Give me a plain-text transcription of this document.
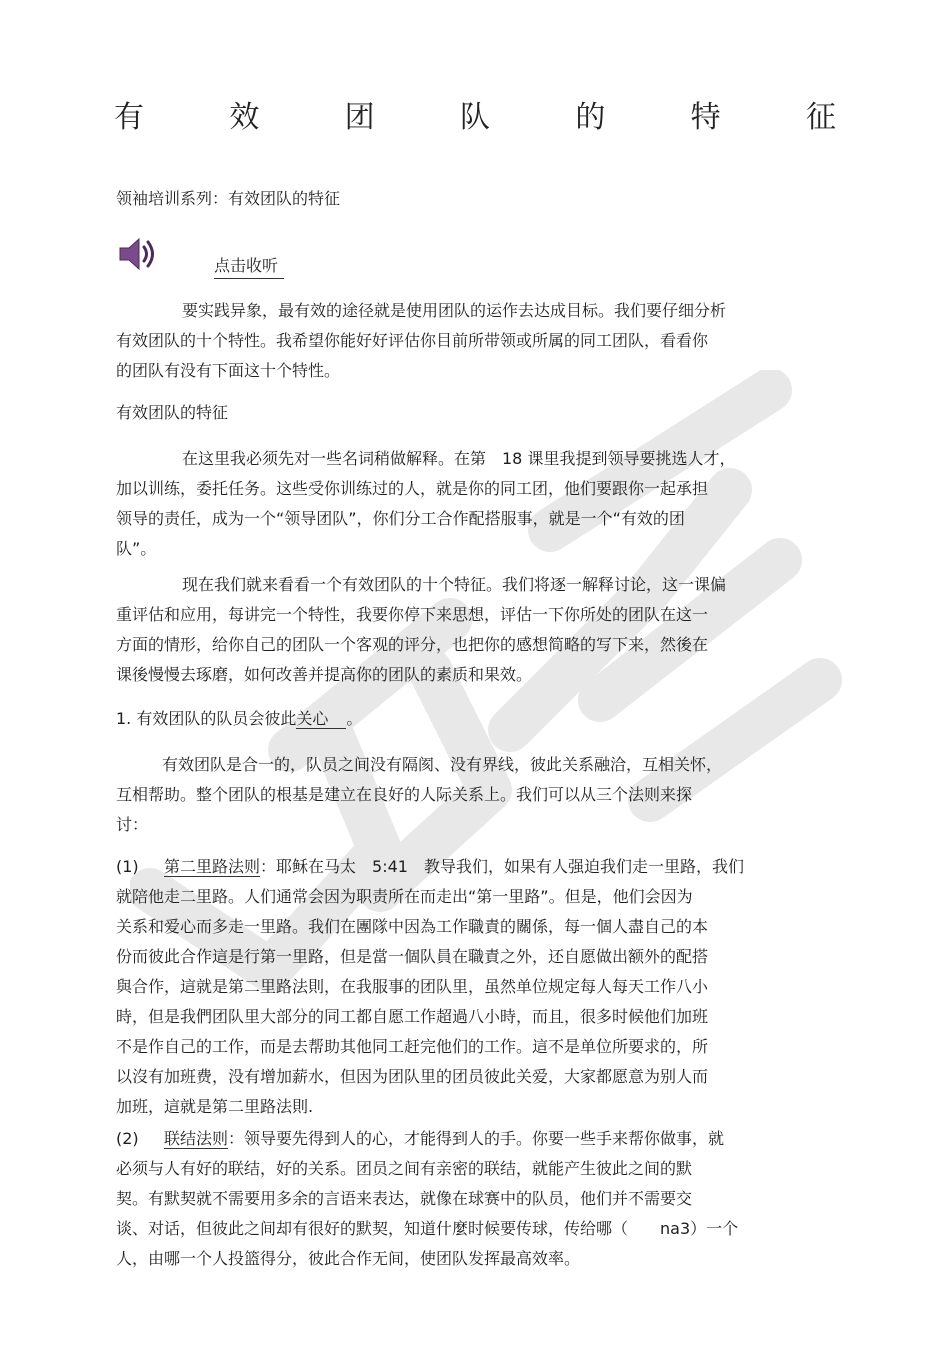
有	效	团	队	的	特	征
领袖培训系列：有效团队的特征
点击收听
要实践异象，最有效的途径就是使用团队的运作去达成目标。我们要仔细分析
有效团队的十个特性。我希望你能好好评估你目前所带领或所属的同工团队，看看你
的团队有没有下面这十个特性。
有效团队的特征
在这里我必须先对一些名词稍做解释。在第　18 课里我提到领导要挑选人才，
加以训练，委托任务。这些受你训练过的人，就是你的同工团，他们要跟你一起承担
领导的责任，成为一个“领导团队”，你们分工合作配搭服事，就是一个“有效的团
队”。
现在我们就来看看一个有效团队的十个特征。我们将逐一解释讨论，这一课偏
重评估和应用，每讲完一个特性，我要你停下来思想，评估一下你所处的团队在这一
方面的情形，给你自己的团队一个客观的评分，也把你的感想简略的写下来，然後在
课後慢慢去琢磨，如何改善并提高你的团队的素质和果效。
1. 有效团队的队员会彼此关心 。
有效团队是合一的，队员之间没有隔阂、没有界线，彼此关系融洽，互相关怀，
互相帮助。整个团队的根基是建立在良好的人际关系上。我们可以从三个法则来探
讨：
(1) 第二里路法则：耶稣在马太　5:41　教导我们，如果有人强迫我们走一里路，我们
就陪他走二里路。人们通常会因为职责所在而走出“第一里路”。但是，他们会因为
关系和爱心而多走一里路。我们在團隊中因為工作職責的關係，每一個人盡自己的本
份而彼此合作這是行第一里路，但是當一個队員在職責之外，还自愿做出额外的配搭
與合作，這就是第二里路法則，在我服事的团队里，虽然单位规定每人每天工作八小
時，但是我們团队里大部分的同工都自愿工作超過八小時，而且，很多时候他们加班
不是作自己的工作，而是去帮助其他同工赶完他们的工作。這不是单位所要求的，所
以沒有加班费，没有增加薪水，但因为团队里的团员彼此关爱，大家都愿意为别人而
加班，這就是第二里路法則.
(2) 联结法则：领导要先得到人的心，才能得到人的手。你要一些手来帮你做事，就
必须与人有好的联结，好的关系。团员之间有亲密的联结，就能产生彼此之间的默
契。有默契就不需要用多余的言语来表达，就像在球赛中的队员，他们并不需要交
谈、对话，但彼此之间却有很好的默契，知道什麼时候要传球，传给哪（　　na3）一个
人，由哪一个人投篮得分，彼此合作无间，使团队发挥最高效率。
